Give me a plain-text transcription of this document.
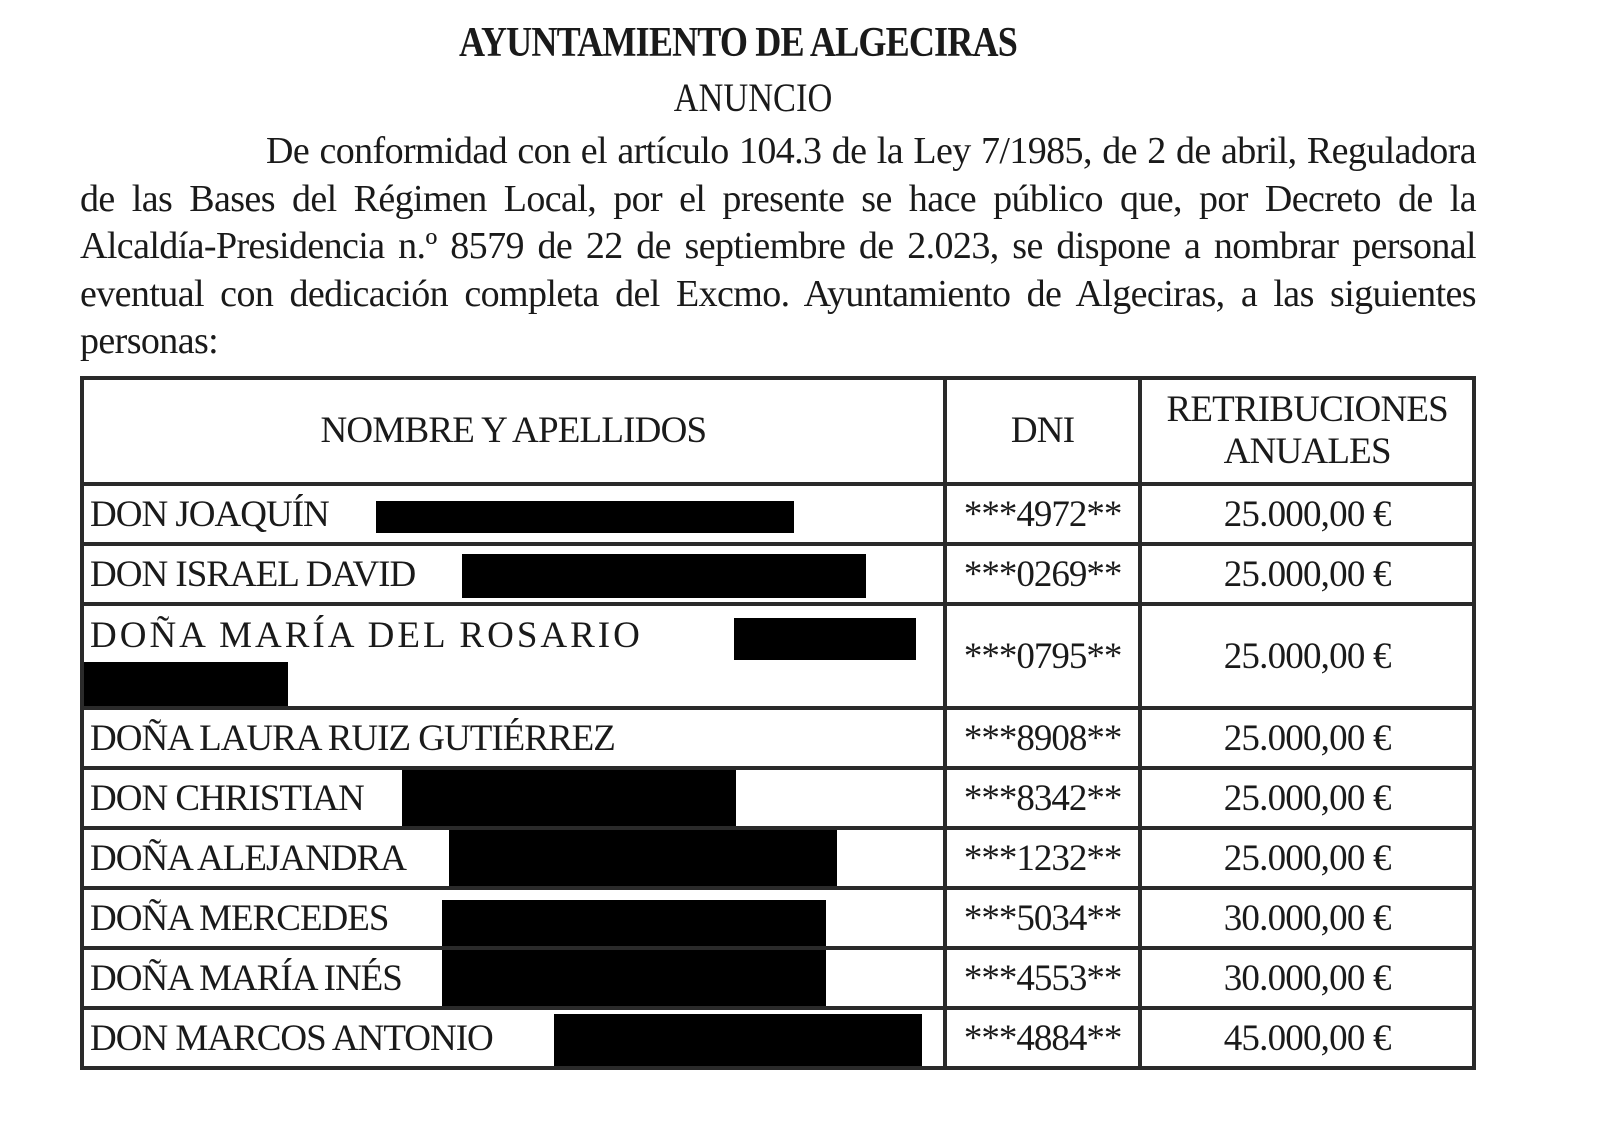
AYUNTAMIENTO DE ALGECIRAS
ANUNCIO
De conformidad con el artículo 104.3 de la Ley 7/1985, de 2 de abril, Reguladora de las Bases del Régimen Local, por el presente se hace público que, por Decreto de la Alcaldía-Presidencia n.º 8579 de 22 de septiembre de 2.023, se dispone a nombrar personal eventual con dedicación completa del Excmo. Ayuntamiento de Algeciras, a las siguientes personas:
NOMBRE Y APELLIDOS	DNI	RETRIBUCIONES
ANUALES

DON JOAQUÍN	***4972**	25.000,00 €
DON ISRAEL DAVID	***0269**	25.000,00 €
DOÑA MARÍA DEL ROSARIO	***0795**	25.000,00 €
DOÑA LAURA RUIZ GUTIÉRREZ	***8908**	25.000,00 €
DON CHRISTIAN	***8342**	25.000,00 €
DOÑA ALEJANDRA	***1232**	25.000,00 €
DOÑA MERCEDES	***5034**	30.000,00 €
DOÑA MARÍA INÉS	***4553**	30.000,00 €
DON MARCOS ANTONIO	***4884**	45.000,00 €
